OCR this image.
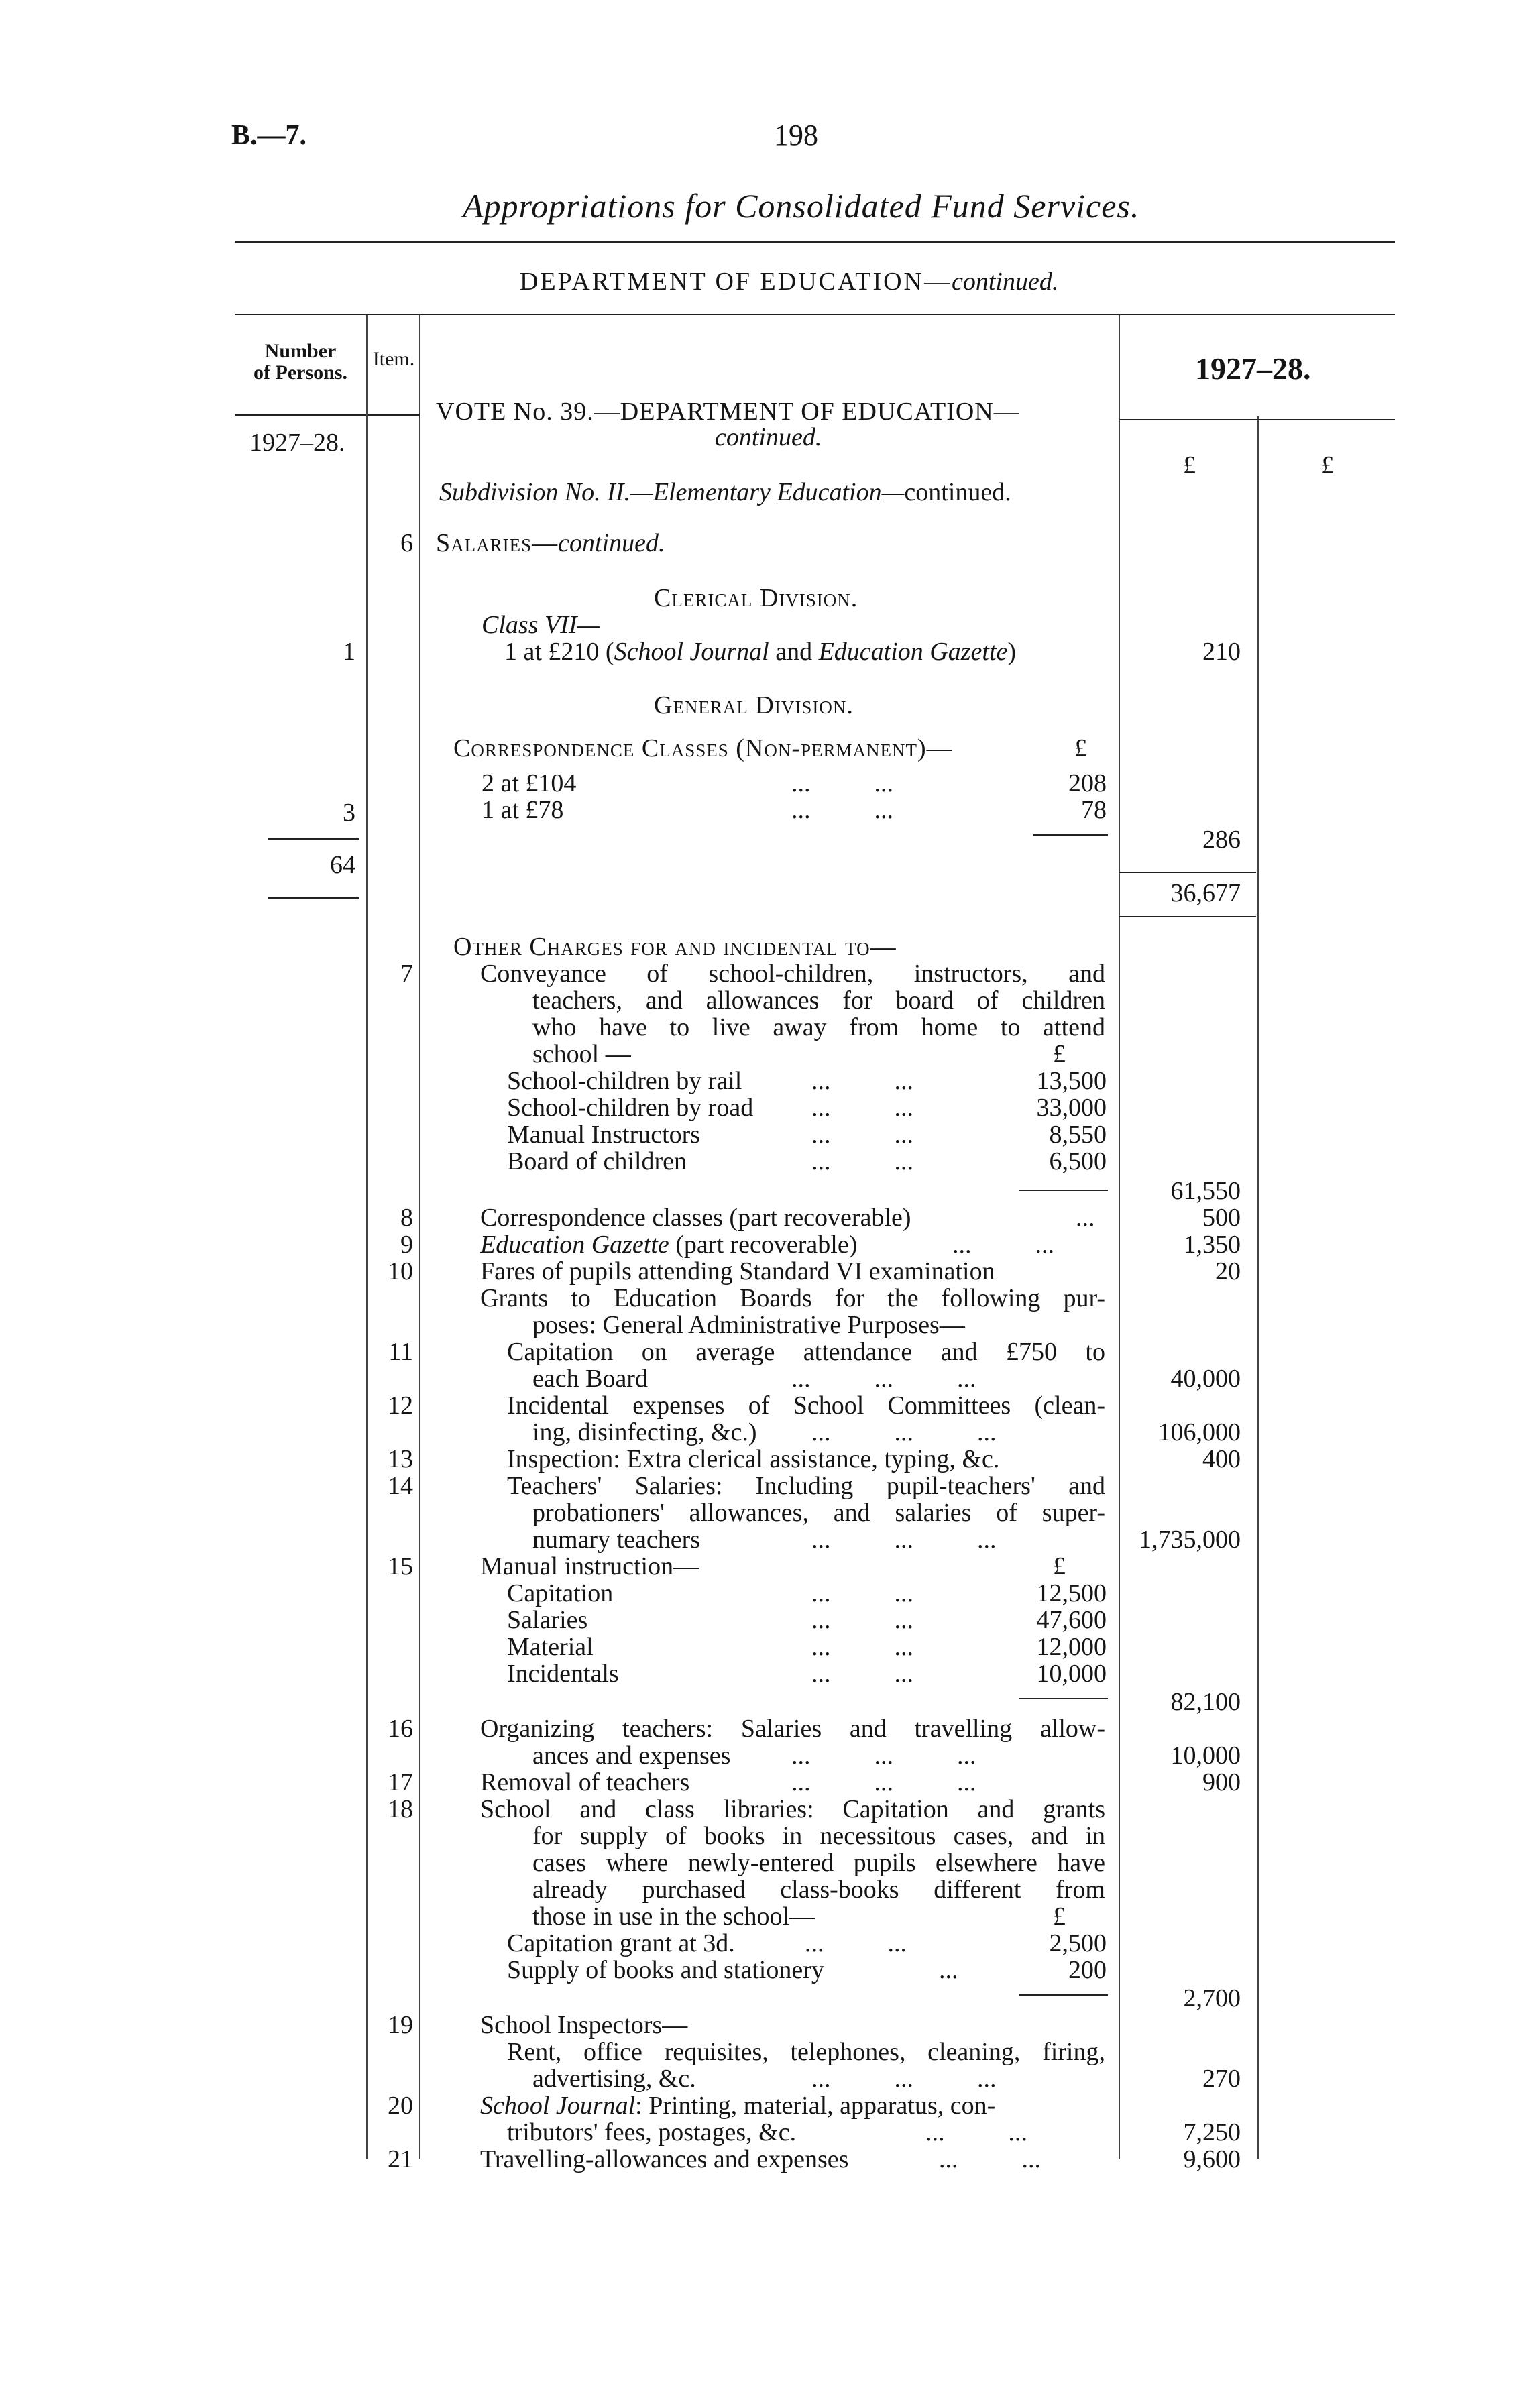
B.—7.	198
Appropriations for Consolidated Fund Services.
DEPARTMENT OF EDUCATION—continued.
Number
of Persons.
Item.
1927–28.
1927–28.
£	£
VOTE No. 39.—DEPARTMENT OF EDUCATION—
continued.
Subdivision No. II.—Elementary Education—continued.
6 Salaries—continued.
Clerical Division.
Class VII—
1	1 at £210 (School Journal and Education Gazette)	210
General Division.
Correspondence Classes (Non-permanent)—	£
2 at £104	...          ...	208
3	1 at £78	...          ...	78
286
64
36,677
Other Charges for and incidental to—
7	Conveyance of school-children, instructors, and
teachers, and allowances for board of children
who have to live away from home to attend
school —	£
School-children by rail	...          ...	13,500
School-children by road ...          ...	33,000
Manual Instructors	...          ...	8,550
Board of children	...          ...	6,500
61,550
8	Correspondence classes (part recoverable)	...	500
9	Education Gazette (part recoverable)	...          ...	1,350
10	Fares of pupils attending Standard VI examination	20
Grants to Education Boards for the following pur-
poses: General Administrative Purposes—
11	Capitation on average attendance and £750 to
each Board	...          ...          ...	40,000
12	Incidental expenses of School Committees (clean-
ing, disinfecting, &c.) ...          ...          ...	106,000
13	Inspection: Extra clerical assistance, typing, &c.	400
14	Teachers' Salaries: Including pupil-teachers' and
probationers' allowances, and salaries of super-
numary teachers	...          ...          ...	1,735,000
15	Manual instruction—	£
Capitation	...          ...	12,500
Salaries	...          ...	47,600
Material	...          ...	12,000
Incidentals	...          ...	10,000
82,100
16	Organizing teachers: Salaries and travelling allow-
ances and expenses ...          ...          ...	10,000
17	Removal of teachers	...          ...          ...	900
18	School and class libraries: Capitation and grants
for supply of books in necessitous cases, and in
cases where newly-entered pupils elsewhere have
already purchased class-books different from
those in use in the school—	£
Capitation grant at 3d.	...          ...	2,500
Supply of books and stationery	...	200
2,700
19	School Inspectors—
Rent, office requisites, telephones, cleaning, firing,
advertising, &c.	...          ...          ...	270
20	School Journal: Printing, material, apparatus, con-
tributors' fees, postages, &c.	...          ...	7,250
21	Travelling-allowances and expenses	...          ...	9,600
